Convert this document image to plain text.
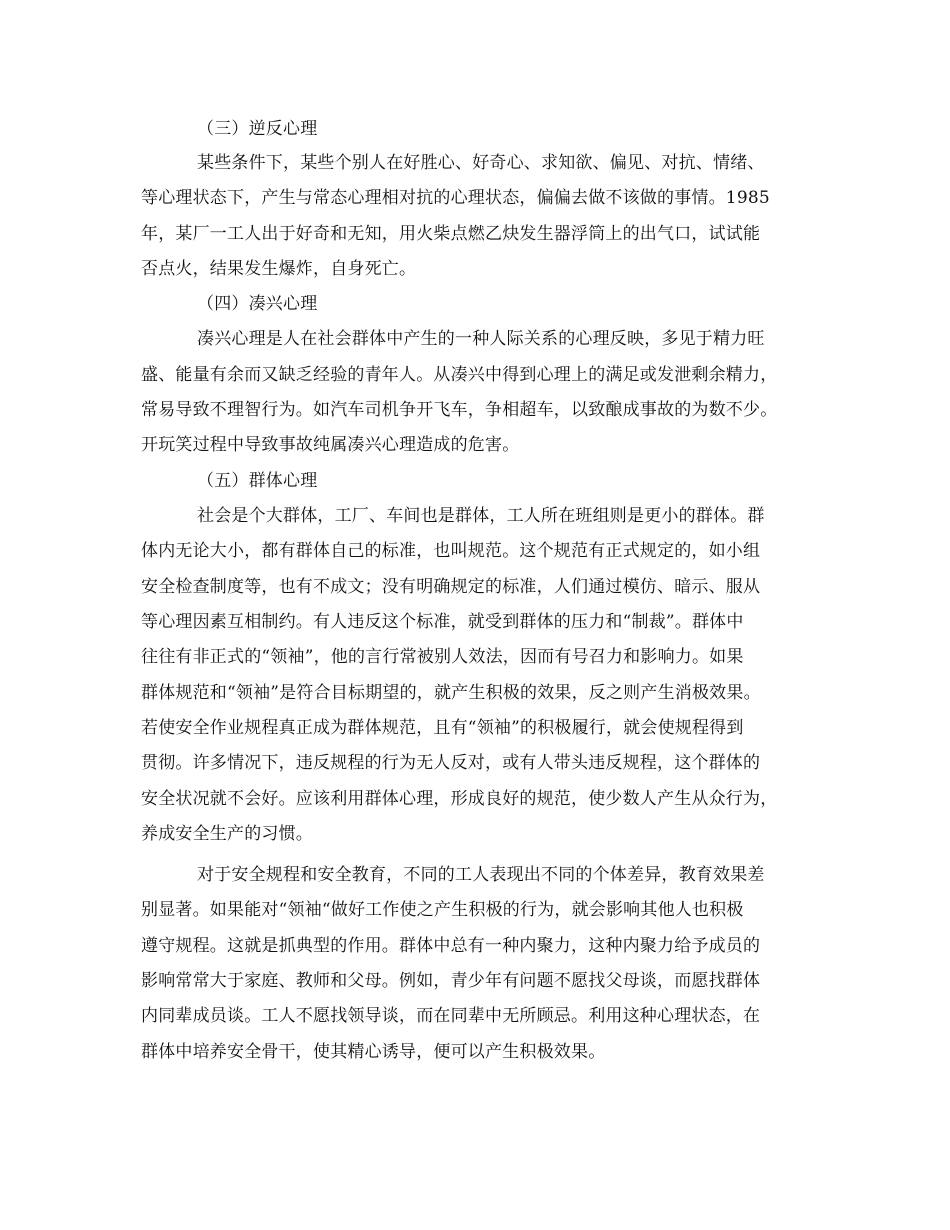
（三）逆反心理
某些条件下，某些个别人在好胜心、好奇心、求知欲、偏见、对抗、情绪、
等心理状态下，产生与常态心理相对抗的心理状态，偏偏去做不该做的事情。1985
年，某厂一工人出于好奇和无知，用火柴点燃乙炔发生器浮筒上的出气口，试试能
否点火，结果发生爆炸，自身死亡。
（四）凑兴心理
凑兴心理是人在社会群体中产生的一种人际关系的心理反映，多见于精力旺
盛、能量有余而又缺乏经验的青年人。从凑兴中得到心理上的满足或发泄剩余精力，
常易导致不理智行为。如汽车司机争开飞车，争相超车，以致酿成事故的为数不少。
开玩笑过程中导致事故纯属凑兴心理造成的危害。
（五）群体心理
社会是个大群体，工厂、车间也是群体，工人所在班组则是更小的群体。群
体内无论大小，都有群体自己的标准，也叫规范。这个规范有正式规定的，如小组
安全检查制度等，也有不成文；没有明确规定的标准，人们通过模仿、暗示、服从
等心理因素互相制约。有人违反这个标准，就受到群体的压力和“制裁”。群体中
往往有非正式的“领袖”，他的言行常被别人效法，因而有号召力和影响力。如果
群体规范和“领袖”是符合目标期望的，就产生积极的效果，反之则产生消极效果。
若使安全作业规程真正成为群体规范，且有“领袖”的积极履行，就会使规程得到
贯彻。许多情况下，违反规程的行为无人反对，或有人带头违反规程，这个群体的
安全状况就不会好。应该利用群体心理，形成良好的规范，使少数人产生从众行为，
养成安全生产的习惯。
对于安全规程和安全教育，不同的工人表现出不同的个体差异，教育效果差
别显著。如果能对“领袖“做好工作使之产生积极的行为，就会影响其他人也积极
遵守规程。这就是抓典型的作用。群体中总有一种内聚力，这种内聚力给予成员的
影响常常大于家庭、教师和父母。例如，青少年有问题不愿找父母谈，而愿找群体
内同辈成员谈。工人不愿找领导谈，而在同辈中无所顾忌。利用这种心理状态，在
群体中培养安全骨干，使其精心诱导，便可以产生积极效果。
